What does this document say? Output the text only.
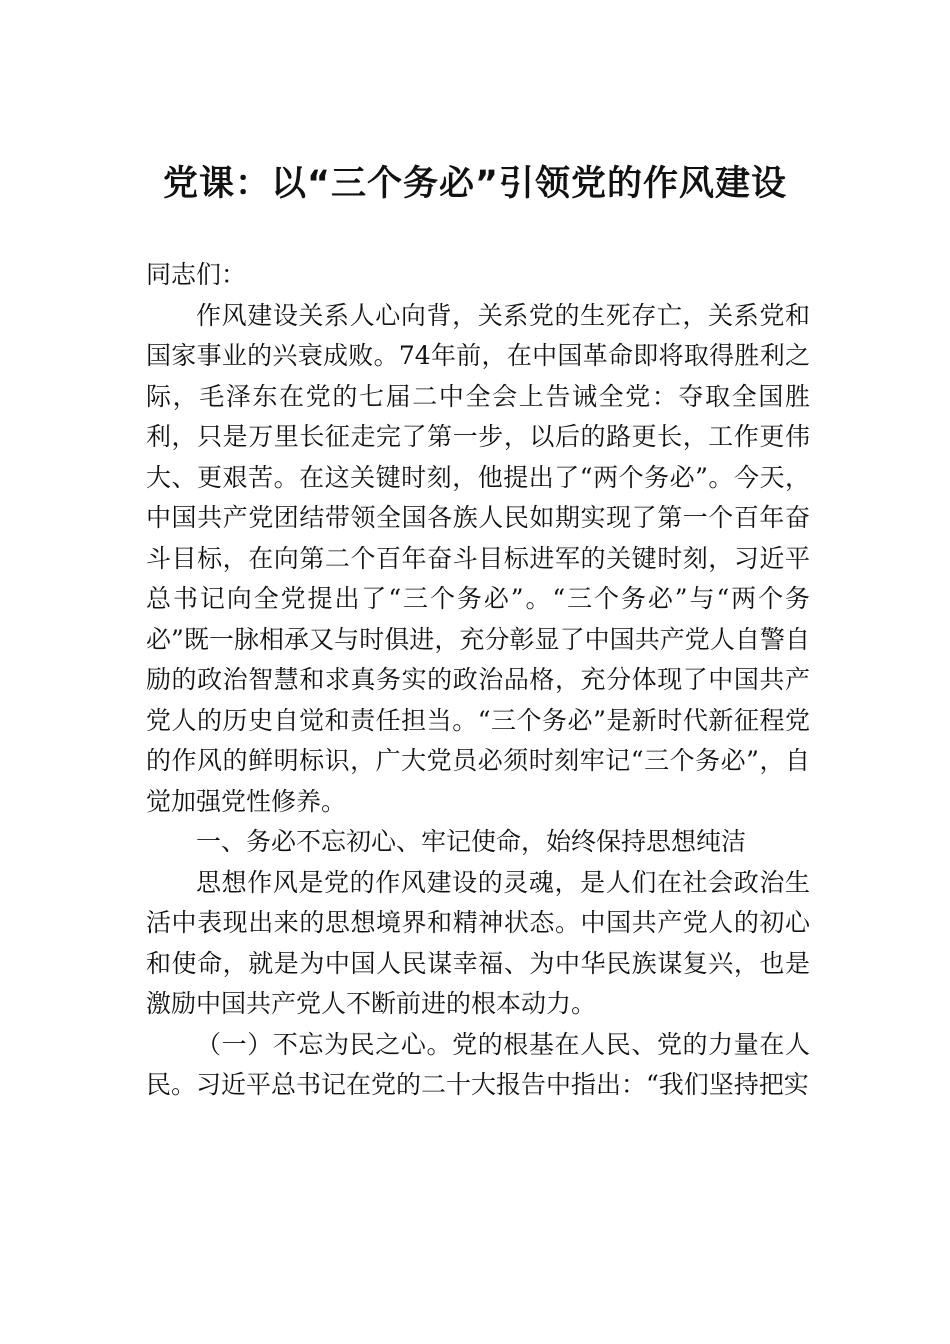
党课：以“三个务必”引领党的作风建设

同志们：

作风建设关系人心向背，关系党的生死存亡，关系党和国家事业的兴衰成败。74年前，在中国革命即将取得胜利之际，毛泽东在党的七届二中全会上告诫全党：夺取全国胜利，只是万里长征走完了第一步，以后的路更长，工作更伟大、更艰苦。在这关键时刻，他提出了“两个务必”。今天，中国共产党团结带领全国各族人民如期实现了第一个百年奋斗目标，在向第二个百年奋斗目标进军的关键时刻，习近平总书记向全党提出了“三个务必”。“三个务必”与“两个务必”既一脉相承又与时俱进，充分彰显了中国共产党人自警自励的政治智慧和求真务实的政治品格，充分体现了中国共产党人的历史自觉和责任担当。“三个务必”是新时代新征程党的作风的鲜明标识，广大党员必须时刻牢记“三个务必”，自觉加强党性修养。

一、务必不忘初心、牢记使命，始终保持思想纯洁

思想作风是党的作风建设的灵魂，是人们在社会政治生活中表现出来的思想境界和精神状态。中国共产党人的初心和使命，就是为中国人民谋幸福、为中华民族谋复兴，也是激励中国共产党人不断前进的根本动力。

（一）不忘为民之心。党的根基在人民、党的力量在人民。习近平总书记在党的二十大报告中指出：“我们坚持把实
